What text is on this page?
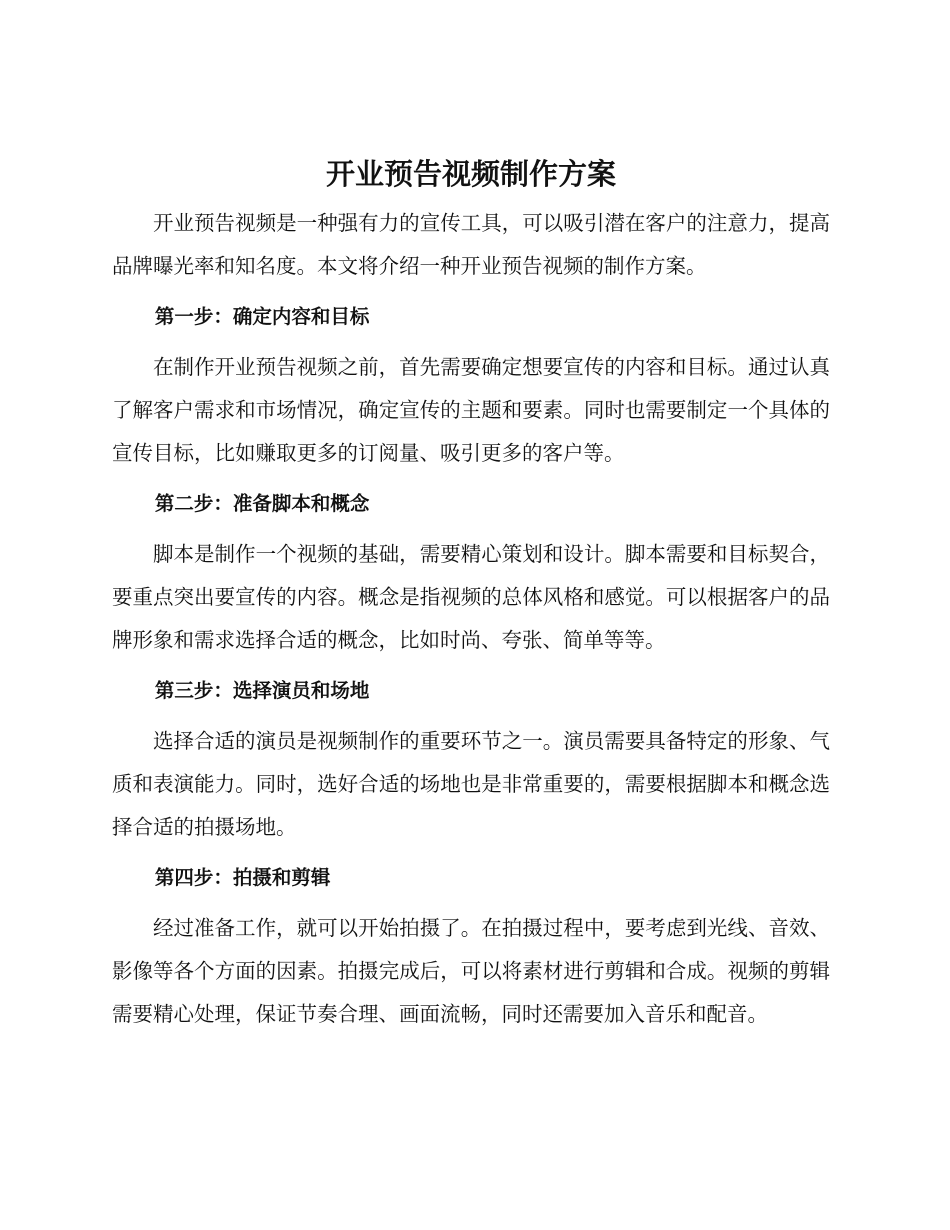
开业预告视频制作方案

开业预告视频是一种强有力的宣传工具，可以吸引潜在客户的注意力，提高品牌曝光率和知名度。本文将介绍一种开业预告视频的制作方案。

第一步：确定内容和目标

在制作开业预告视频之前，首先需要确定想要宣传的内容和目标。通过认真了解客户需求和市场情况，确定宣传的主题和要素。同时也需要制定一个具体的宣传目标，比如赚取更多的订阅量、吸引更多的客户等。

第二步：准备脚本和概念

脚本是制作一个视频的基础，需要精心策划和设计。脚本需要和目标契合，要重点突出要宣传的内容。概念是指视频的总体风格和感觉。可以根据客户的品牌形象和需求选择合适的概念，比如时尚、夸张、简单等等。

第三步：选择演员和场地

选择合适的演员是视频制作的重要环节之一。演员需要具备特定的形象、气质和表演能力。同时，选好合适的场地也是非常重要的，需要根据脚本和概念选择合适的拍摄场地。

第四步：拍摄和剪辑

经过准备工作，就可以开始拍摄了。在拍摄过程中，要考虑到光线、音效、影像等各个方面的因素。拍摄完成后，可以将素材进行剪辑和合成。视频的剪辑需要精心处理，保证节奏合理、画面流畅，同时还需要加入音乐和配音。
